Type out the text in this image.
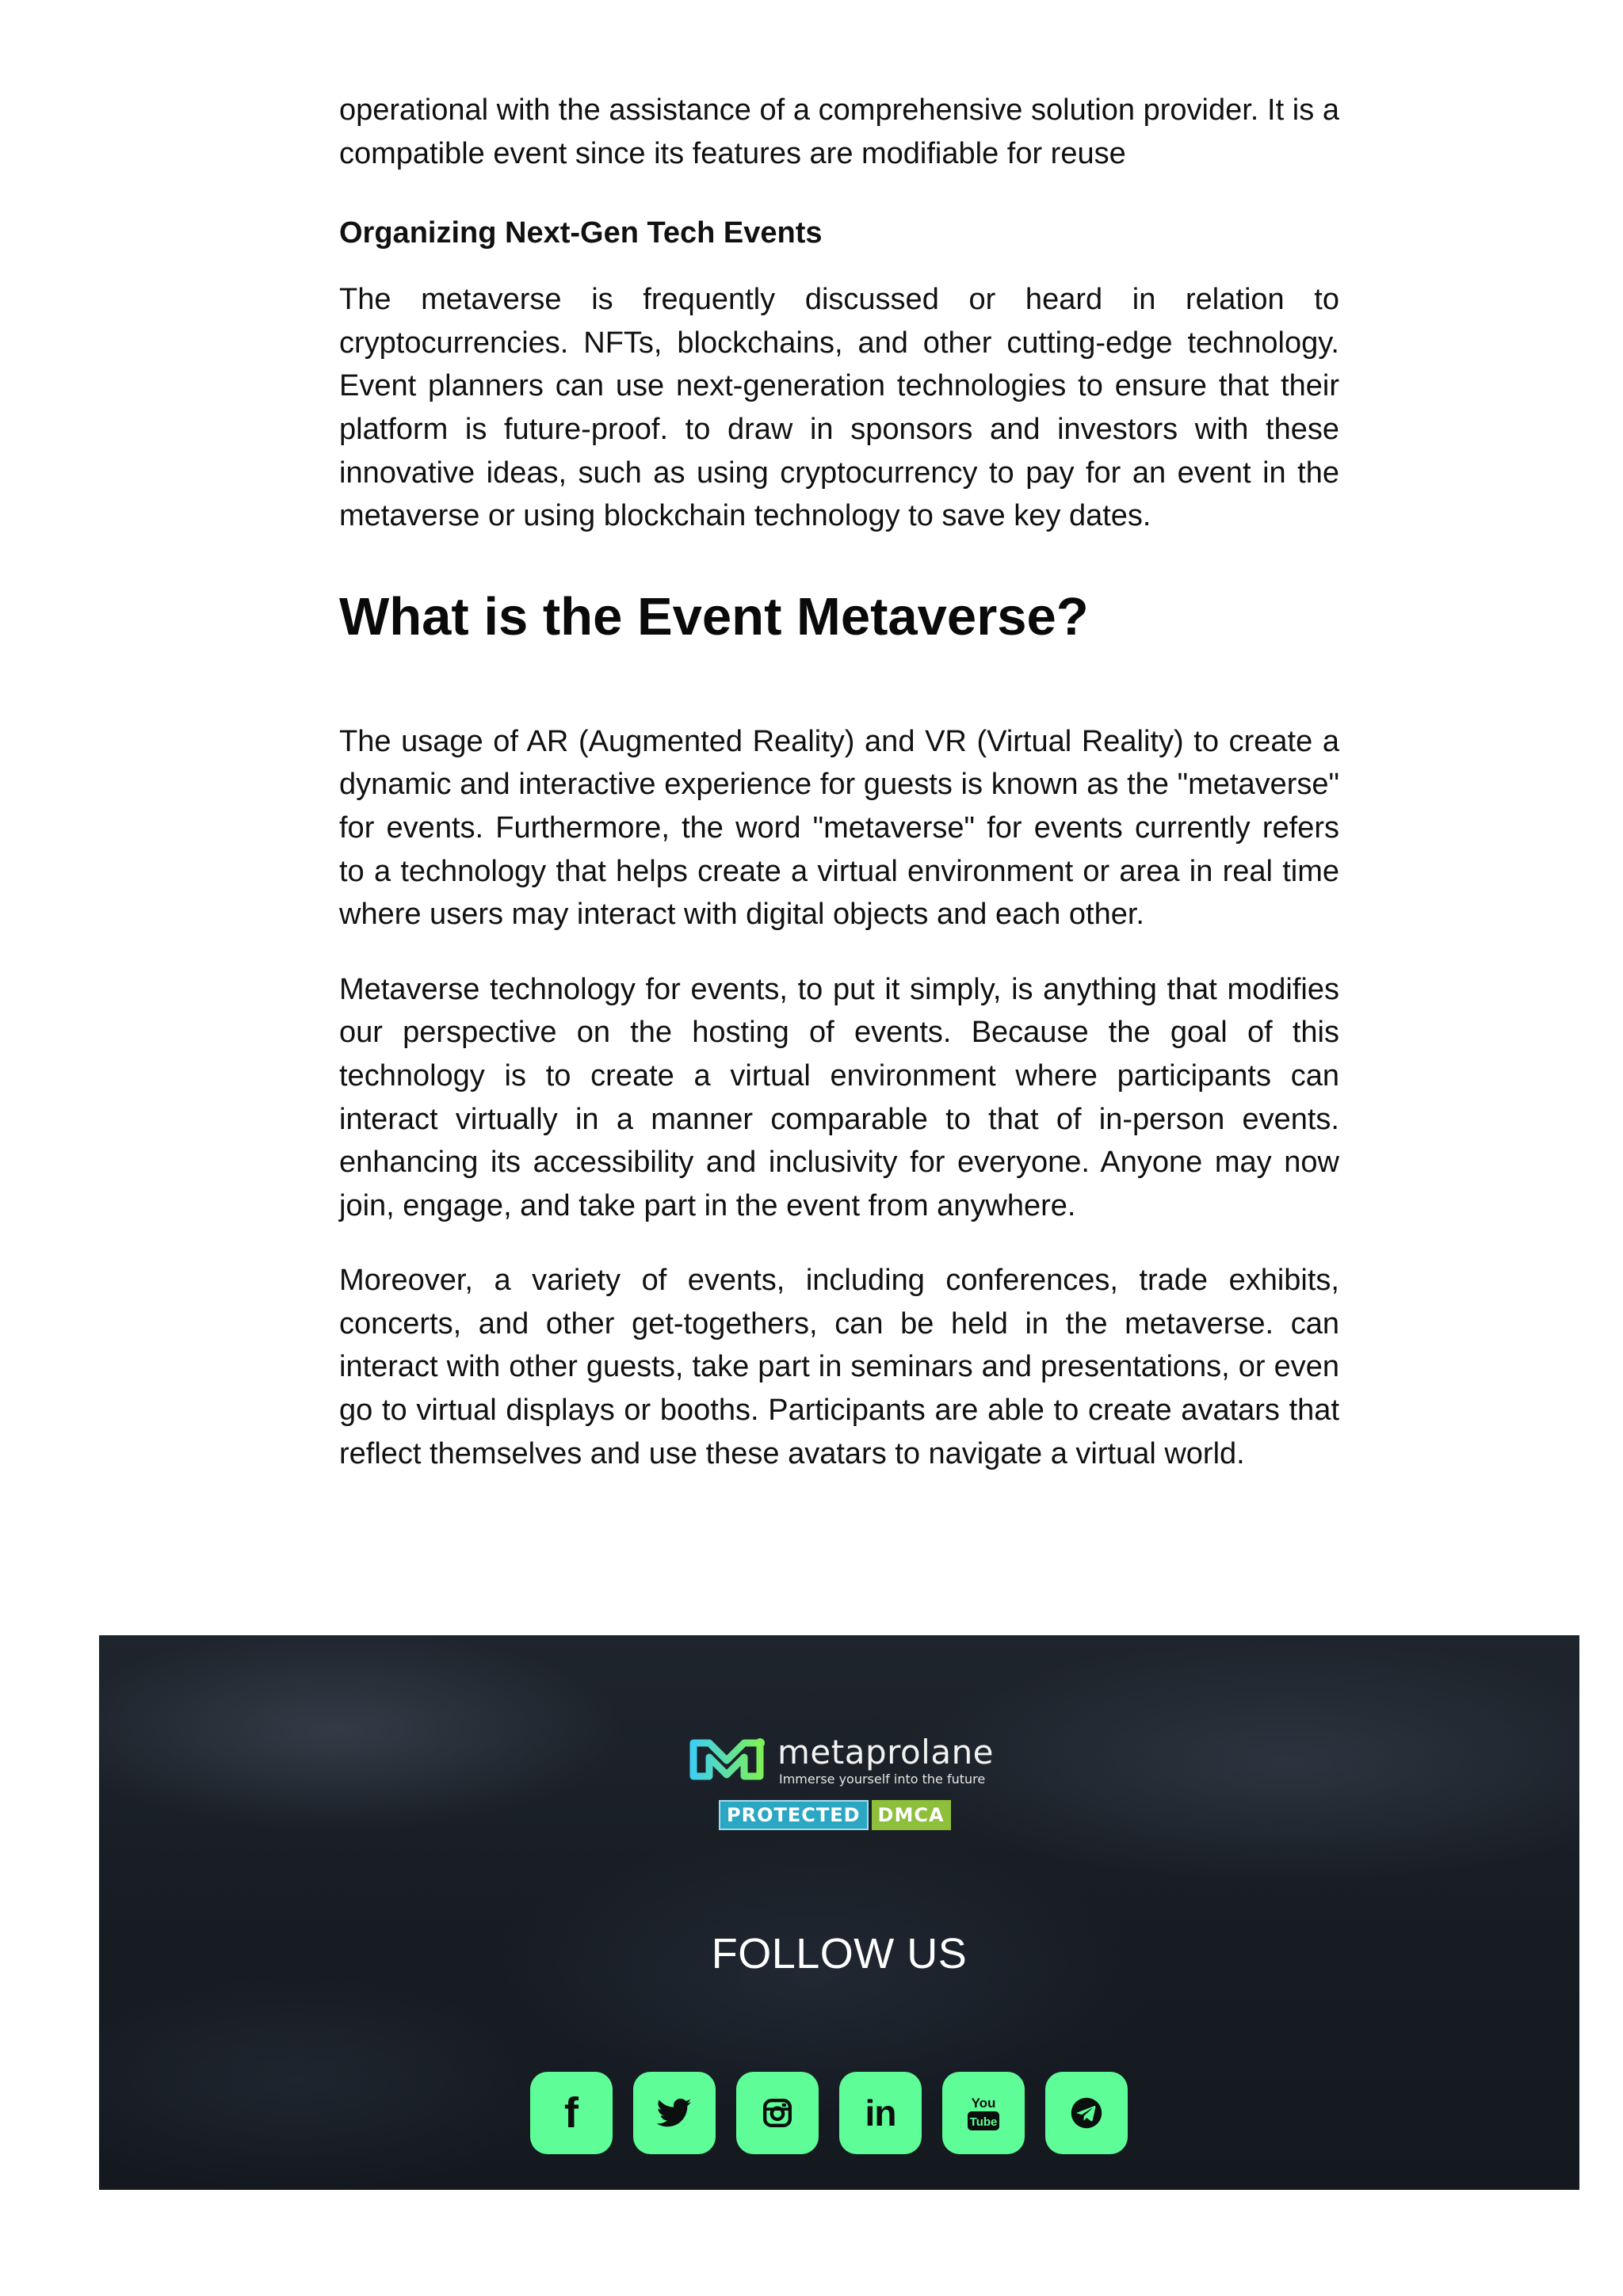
operational with the assistance of a comprehensive solution provider. It is a compatible event since its features are modifiable for reuse

Organizing Next-Gen Tech Events

The metaverse is frequently discussed or heard in relation to cryptocurrencies. NFTs, blockchains, and other cutting-edge technology. Event planners can use next-generation technologies to ensure that their platform is future-proof. to draw in sponsors and investors with these innovative ideas, such as using cryptocurrency to pay for an event in the metaverse or using blockchain technology to save key dates.

What is the Event Metaverse?

The usage of AR (Augmented Reality) and VR (Virtual Reality) to create a dynamic and interactive experience for guests is known as the "metaverse" for events. Furthermore, the word "metaverse" for events currently refers to a technology that helps create a virtual environment or area in real time where users may interact with digital objects and each other.

Metaverse technology for events, to put it simply, is anything that modifies our perspective on the hosting of events. Because the goal of this technology is to create a virtual environment where participants can interact virtually in a manner comparable to that of in-person events. enhancing its accessibility and inclusivity for everyone. Anyone may now join, engage, and take part in the event from anywhere.

Moreover, a variety of events, including conferences, trade exhibits, concerts, and other get-togethers, can be held in the metaverse. can interact with other guests, take part in seminars and presentations, or even go to virtual displays or booths. Participants are able to create avatars that reflect themselves and use these avatars to navigate a virtual world.

metaprolane
Immerse yourself into the future
PROTECTED DMCA
FOLLOW US
f	in	You
Tube
